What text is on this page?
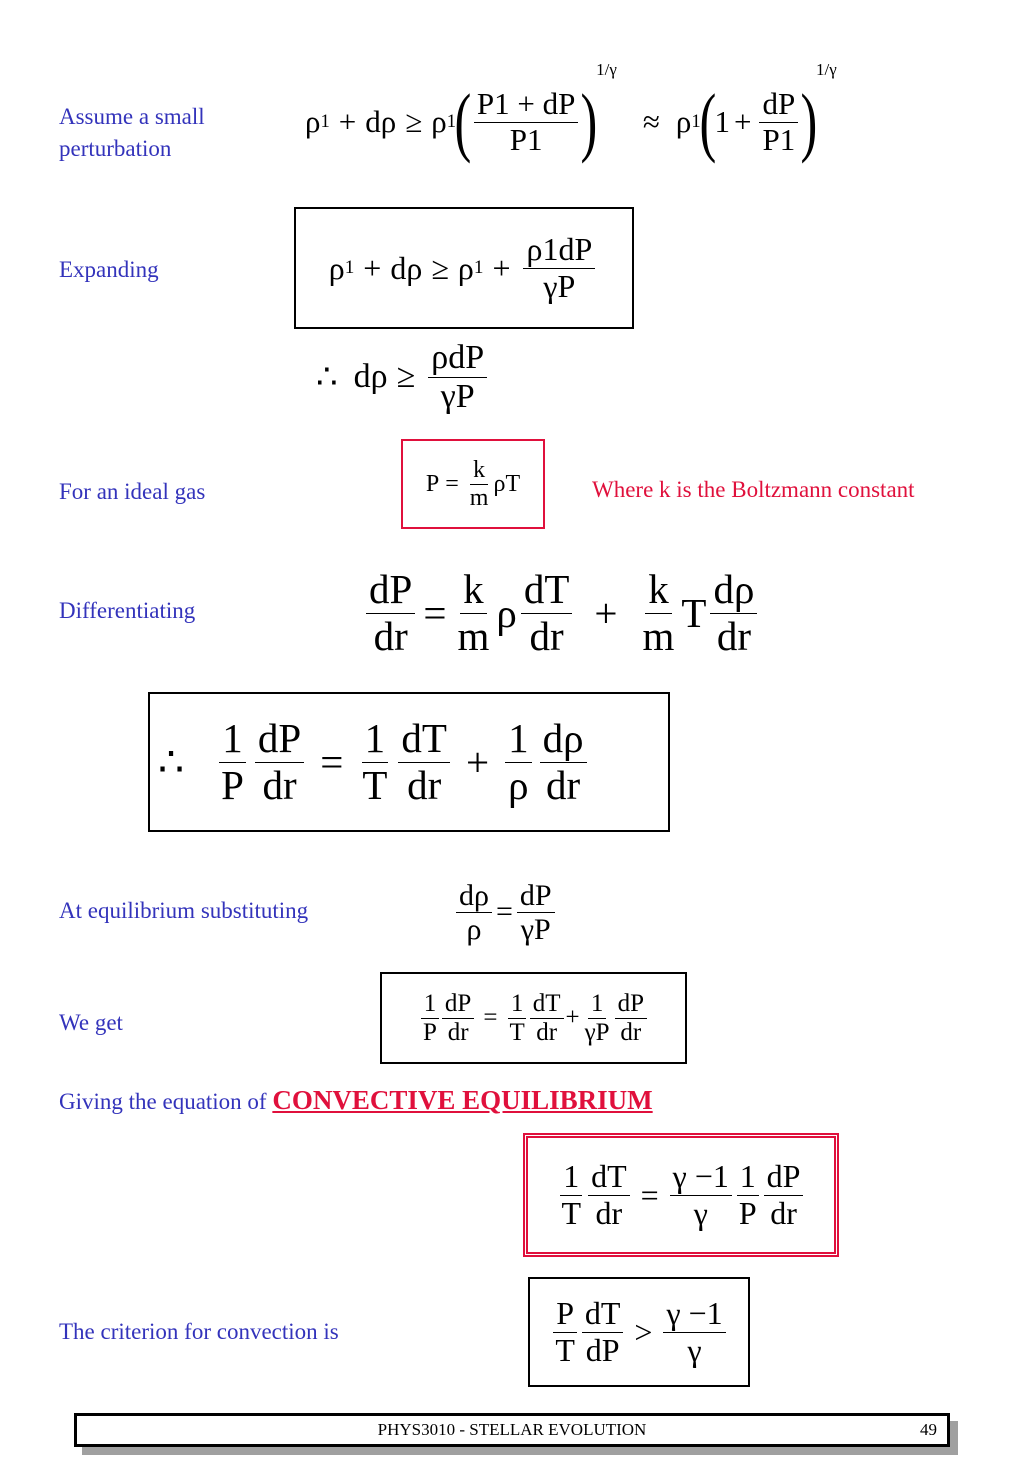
Assume a small
perturbation
Expanding
For an ideal gas	Where k is the Boltzmann constant
Differentiating
At equilibrium substituting
We get
Giving the equation of CONVECTIVE EQUILIBRIUM
The criterion for convection is
ρ 1 + dρ ≥ ρ 1
( $\frac{P1 + dP}{P1}$ )
1/γ
≈ ρ 1
(
$1 + \frac{dP}{P1}$ )
1/γ
ρ 1 + dρ ≥ ρ $1 + \frac{\rho 1dP}{\gamma P}$
∴ $d\rho \ge \frac{\text{ρdP}}{\gamma P}$
$P = \frac{k}{m}$ ρT
$\frac{dP}{dr} = \frac{k}{m}$ ρ $\frac{dT}{dr} + \frac{k}{m}$ T $\frac{d\rho}{dr}$
∴ $\frac{1}{P} \frac{dP}{dr} = \frac{1}{T} \frac{dT}{dr} + \frac{1}{\rho} \frac{d\rho}{dr}$
$\frac{d\rho}{\rho} = \frac{dP}{\gamma P}$
$\frac{1}{P} \frac{dP}{dr} = \frac{1}{T} \frac{dT}{dr} + \frac{1}{\gamma P} \frac{dP}{dr}$
$\frac{1}{T} \frac{dT}{dr} = \frac{\gamma -1}{\gamma} \frac{1}{P} \frac{dP}{dr}$
$\frac{P}{T} \frac{dT}{dP} > \frac{\gamma -1}{\gamma}$
PHYS3010 - STELLAR EVOLUTION	49
